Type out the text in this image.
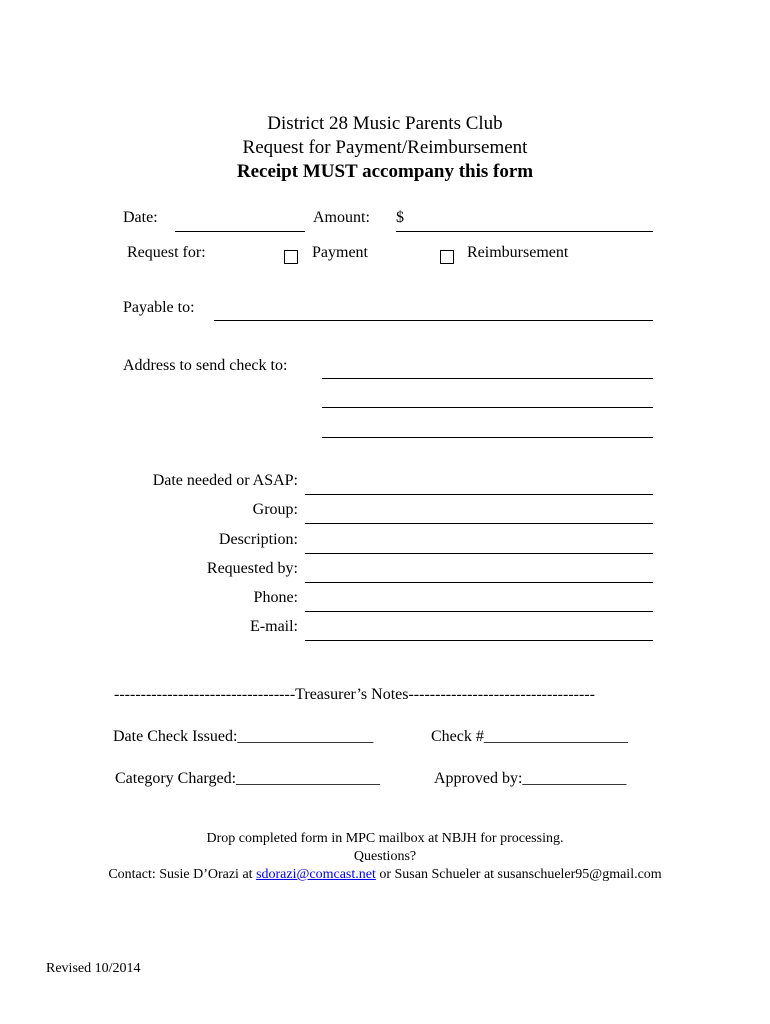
District 28 Music Parents Club
Request for Payment/Reimbursement
Receipt MUST accompany this form
Date:	Amount: $
Request for:	Payment	Reimbursement
Payable to:
Address to send check to:
Date needed or ASAP:
Group:
Description:
Requested by:
Phone:
E-mail:
----------------------------------Treasurer’s Notes-----------------------------------
Date Check Issued:_________________	Check #__________________
Category Charged:__________________	Approved by:_____________
Drop completed form in MPC mailbox at NBJH for processing.
Questions?
Contact: Susie D’Orazi at sdorazi@comcast.net or Susan Schueler at susanschueler95@gmail.com
Revised 10/2014
